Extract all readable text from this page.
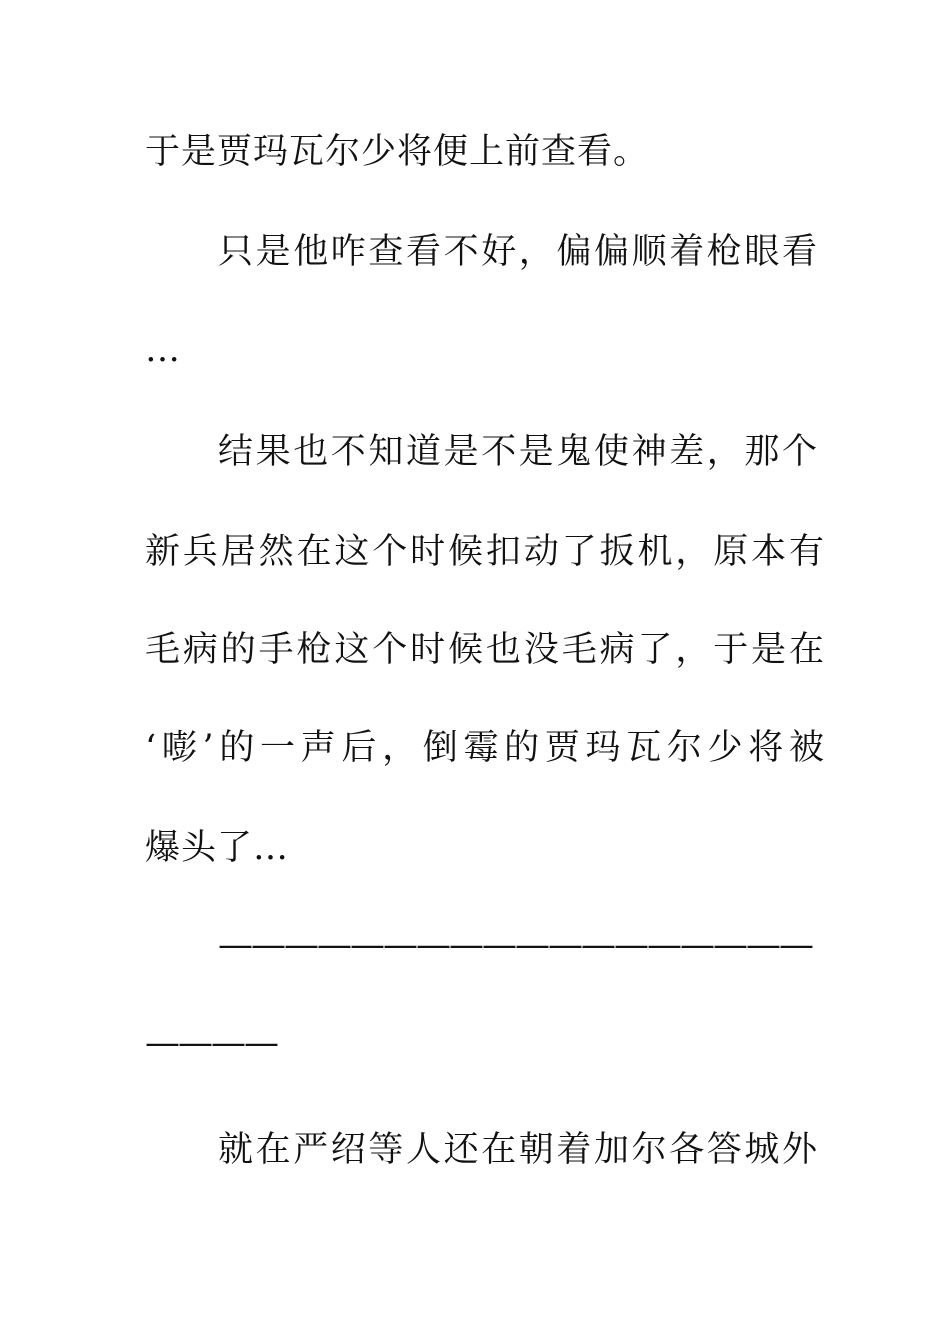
于是贾玛瓦尔少将便上前查看。
只是他咋查看不好，偏偏顺着枪眼看
…
结果也不知道是不是鬼使神差，那个
新兵居然在这个时候扣动了扳机，原本有
毛病的手枪这个时候也没毛病了，于是在
‘嘭’的一声后，倒霉的贾玛瓦尔少将被
爆头了…
——————————————————
————
就在严绍等人还在朝着加尔各答城外
